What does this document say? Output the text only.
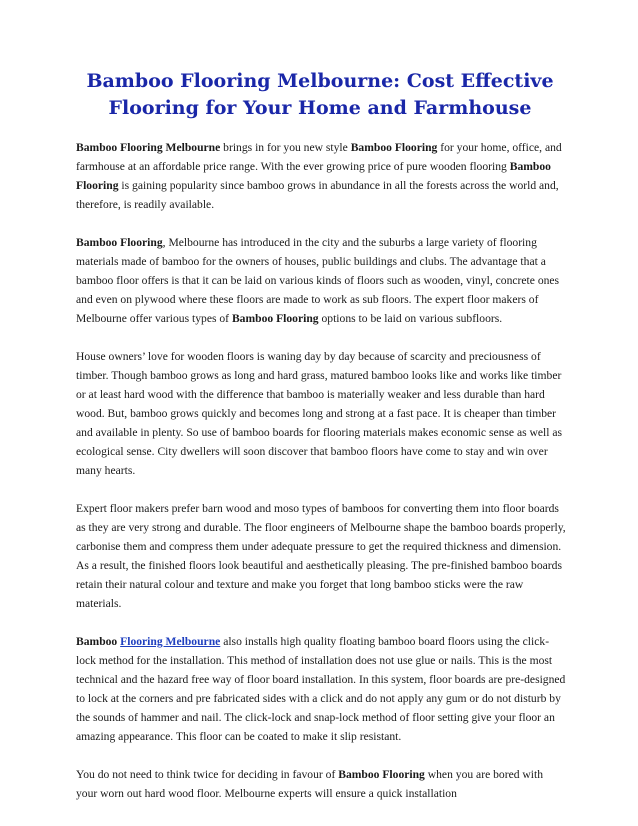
Bamboo Flooring Melbourne: Cost Effective Flooring for Your Home and Farmhouse

Bamboo Flooring Melbourne brings in for you new style Bamboo Flooring for your home, office, and farmhouse at an affordable price range. With the ever growing price of pure wooden flooring Bamboo Flooring is gaining popularity since bamboo grows in abundance in all the forests across the world and, therefore, is readily available.

Bamboo Flooring, Melbourne has introduced in the city and the suburbs a large variety of flooring materials made of bamboo for the owners of houses, public buildings and clubs. The advantage that a bamboo floor offers is that it can be laid on various kinds of floors such as wooden, vinyl, concrete ones and even on plywood where these floors are made to work as sub floors. The expert floor makers of Melbourne offer various types of Bamboo Flooring options to be laid on various subfloors.

House owners’ love for wooden floors is waning day by day because of scarcity and preciousness of timber. Though bamboo grows as long and hard grass, matured bamboo looks like and works like timber or at least hard wood with the difference that bamboo is materially weaker and less durable than hard wood. But, bamboo grows quickly and becomes long and strong at a fast pace. It is cheaper than timber and available in plenty. So use of bamboo boards for flooring materials makes economic sense as well as ecological sense. City dwellers will soon discover that bamboo floors have come to stay and win over many hearts.

Expert floor makers prefer barn wood and moso types of bamboos for converting them into floor boards as they are very strong and durable. The floor engineers of Melbourne shape the bamboo boards properly, carbonise them and compress them under adequate pressure to get the required thickness and dimension. As a result, the finished floors look beautiful and aesthetically pleasing. The pre-finished bamboo boards retain their natural colour and texture and make you forget that long bamboo sticks were the raw materials.

Bamboo Flooring Melbourne also installs high quality floating bamboo board floors using the click-lock method for the installation. This method of installation does not use glue or nails. This is the most technical and the hazard free way of floor board installation. In this system, floor boards are pre-designed to lock at the corners and pre fabricated sides with a click and do not apply any gum or do not disturb by the sounds of hammer and nail. The click-lock and snap-lock method of floor setting give your floor an amazing appearance. This floor can be coated to make it slip resistant.

You do not need to think twice for deciding in favour of Bamboo Flooring when you are bored with your worn out hard wood floor. Melbourne experts will ensure a quick installation
